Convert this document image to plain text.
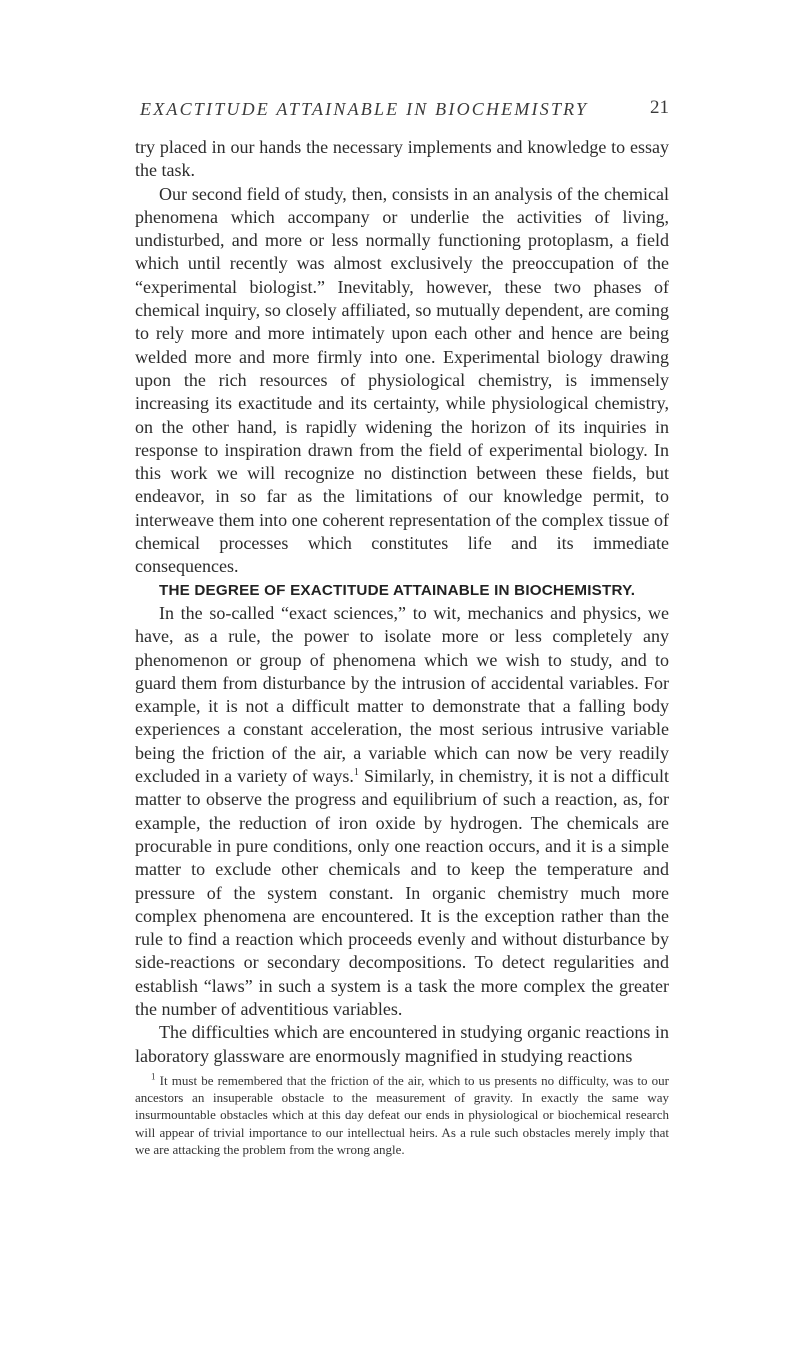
EXACTITUDE ATTAINABLE IN BIOCHEMISTRY	21

try placed in our hands the necessary implements and knowledge to essay the task.

Our second field of study, then, consists in an analysis of the chemical phenomena which accompany or underlie the activities of living, undisturbed, and more or less normally functioning protoplasm, a field which until recently was almost exclusively the preoccupation of the “experimental biologist.” Inevitably, however, these two phases of chemical inquiry, so closely affiliated, so mutually dependent, are coming to rely more and more intimately upon each other and hence are being welded more and more firmly into one. Experimental biology drawing upon the rich resources of physiological chemistry, is immensely increasing its exactitude and its certainty, while physiological chemistry, on the other hand, is rapidly widening the horizon of its inquiries in response to inspiration drawn from the field of experimental biology. In this work we will recognize no distinction between these fields, but endeavor, in so far as the limitations of our knowledge permit, to interweave them into one coherent representation of the complex tissue of chemical processes which constitutes life and its immediate consequences.

THE DEGREE OF EXACTITUDE ATTAINABLE IN BIOCHEMISTRY.

In the so-called “exact sciences,” to wit, mechanics and physics, we have, as a rule, the power to isolate more or less completely any phenomenon or group of phenomena which we wish to study, and to guard them from disturbance by the intrusion of accidental variables. For example, it is not a difficult matter to demonstrate that a falling body experiences a constant acceleration, the most serious intrusive variable being the friction of the air, a variable which can now be very readily excluded in a variety of ways.$^1$ Similarly, in chemistry, it is not a difficult matter to observe the progress and equilibrium of such a reaction, as, for example, the reduction of iron oxide by hydrogen. The chemicals are procurable in pure conditions, only one reaction occurs, and it is a simple matter to exclude other chemicals and to keep the temperature and pressure of the system constant. In organic chemistry much more complex phenomena are encountered. It is the exception rather than the rule to find a reaction which proceeds evenly and without disturbance by side-reactions or secondary decompositions. To detect regularities and establish “laws” in such a system is a task the more complex the greater the number of adventitious variables.

The difficulties which are encountered in studying organic reactions in laboratory glassware are enormously magnified in studying reactions

$^1$ It must be remembered that the friction of the air, which to us presents no difficulty, was to our ancestors an insuperable obstacle to the measurement of gravity. In exactly the same way insurmountable obstacles which at this day defeat our ends in physiological or biochemical research will appear of trivial importance to our intellectual heirs. As a rule such obstacles merely imply that we are attacking the problem from the wrong angle.
